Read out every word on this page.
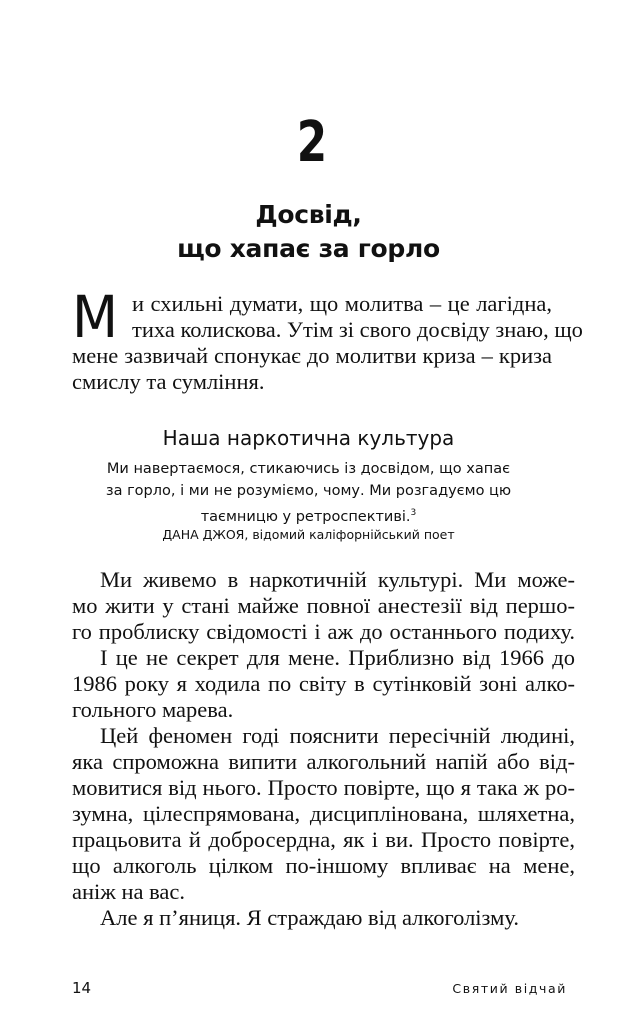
2
Досвід,
що хапає за горло
М и схильні думати, що молитва – це лагідна,
тиха колискова. Утім зі свого досвіду знаю, що
мене зазвичай спонукає до молитви криза – криза
смислу та сумління.
Наша наркотична культура
Ми навертаємося, стикаючись із досвідом, що хапає
за горло, і ми не розуміємо, чому. Ми розгадуємо цю
таємницю у ретроспективі.$^3$
ДАНА ДЖОЯ, відомий каліфорнійський поет
Ми живемо в наркотичній культурі. Ми може-
мо жити у стані майже повної анестезії від першо-
го проблиску свідомості і аж до останнього подиху.
І це не секрет для мене. Приблизно від 1966 до
1986 року я ходила по світу в сутінковій зоні алко-
гольного марева.
Цей феномен годі пояснити пересічній людині,
яка спроможна випити алкогольний напій або від-
мовитися від нього. Просто повірте, що я така ж ро-
зумна, цілеспрямована, дисциплінована, шляхетна,
працьовита й добросердна, як і ви. Просто повірте,
що алкоголь цілком по-іншому впливає на мене,
аніж на вас.
Але я п’яниця. Я страждаю від алкоголізму.
14	Святий відчай
